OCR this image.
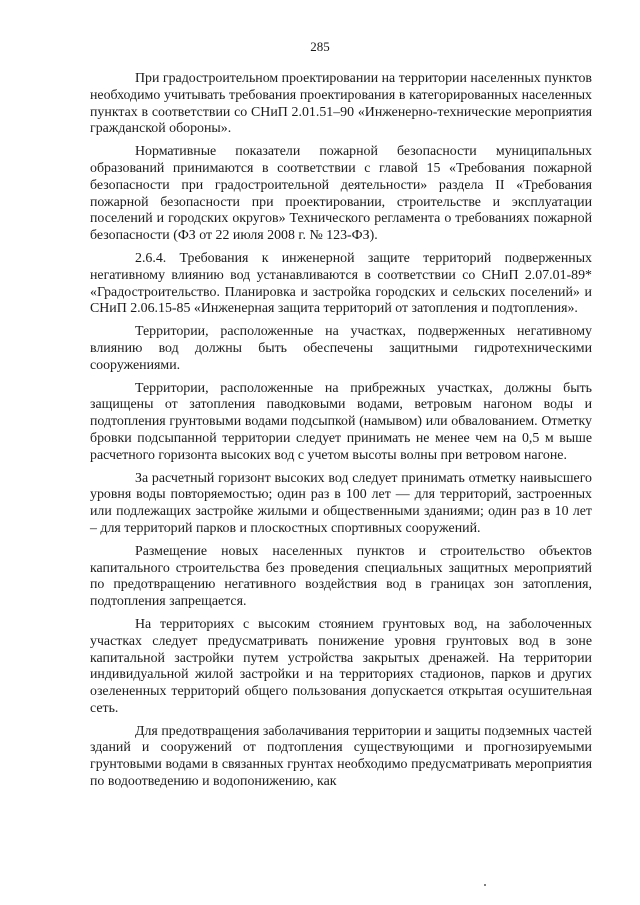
285

При градостроительном проектировании на территории населенных пунктов необходимо учитывать требования проектирования в категорированных населенных пунктах в соответствии со СНиП 2.01.51–90 «Инженерно-технические мероприятия гражданской обороны».

Нормативные показатели пожарной безопасности муниципальных образований принимаются в соответствии с главой 15 «Требования пожарной безопасности при градостроительной деятельности» раздела II «Требования пожарной безопасности при проектировании, строительстве и эксплуатации поселений и городских округов» Технического регламента о требованиях пожарной безопасности (ФЗ от 22 июля 2008 г. № 123-ФЗ).

2.6.4. Требования к инженерной защите территорий подверженных негативному влиянию вод устанавливаются в соответствии со СНиП 2.07.01-89* «Градостроительство. Планировка и застройка городских и сельских поселений» и СНиП 2.06.15-85 «Инженерная защита территорий от затопления и подтопления».

Территории, расположенные на участках, подверженных негативному влиянию вод должны быть обеспечены защитными гидротехническими сооружениями.

Территории, расположенные на прибрежных участках, должны быть защищены от затопления паводковыми водами, ветровым нагоном воды и подтопления грунтовыми водами подсыпкой (намывом) или обвалованием. Отметку бровки подсыпанной территории следует принимать не менее чем на 0,5 м выше расчетного горизонта высоких вод с учетом высоты волны при ветровом нагоне.

За расчетный горизонт высоких вод следует принимать отметку наивысшего уровня воды повторяемостью; один раз в 100 лет — для территорий, застроенных или подлежащих застройке жилыми и общественными зданиями; один раз в 10 лет – для территорий парков и плоскостных спортивных сооружений.

Размещение новых населенных пунктов и строительство объектов капитального строительства без проведения специальных защитных мероприятий по предотвращению негативного воздействия вод в границах зон затопления, подтопления запрещается.

На территориях с высоким стоянием грунтовых вод, на заболоченных участках следует предусматривать понижение уровня грунтовых вод в зоне капитальной застройки путем устройства закрытых дренажей. На территории индивидуальной жилой застройки и на территориях стадионов, парков и других озелененных территорий общего пользования допускается открытая осушительная сеть.

Для предотвращения заболачивания территории и защиты подземных частей зданий и сооружений от подтопления существующими и прогнозируемыми грунтовыми водами в связанных грунтах необходимо предусматривать мероприятия по водоотведению и водопонижению, как
